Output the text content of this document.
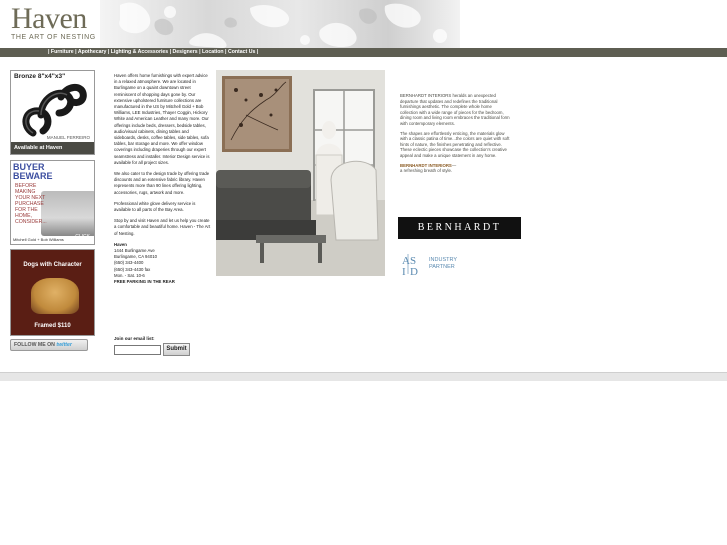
Haven
THE ART OF NESTING
| Furniture | Apothecary | Lighting & Accessories | Designers | Location | Contact Us |
Bronze 8"x4"x3"
MANUEL FERREIRO
Available at Haven
BUYER
BEWARE
BEFORE
MAKING
YOUR NEXT
PURCHASE
FOR THE
HOME,
CONSIDER...
Mitchell Gold + Bob Williams CLICK
Dogs with Character
Framed $110
FOLLOW ME ON twitter

Haven offers home furnishings with expert advice in a relaxed atmosphere. We are located in Burlingame on a quaint downtown street reminiscent of shopping days gone by. Our extensive upholstered furniture collections are manufactured in the US by Mitchell Gold + Bob Williams, LEE Industries, Thayer Coggin, Hickory White and American Leather and many more. Our offerings include beds, dressers, bedside tables, audio/visual cabinets, dining tables and sideboards, desks, coffee tables, side tables, sofa tables, bar storage and more. We offer window coverings including draperies through our expert seamstress and installer. Interior Design service is available for all project sizes.

We also cater to the design trade by offering trade discounts and an extensive fabric library. Haven represents more than 90 lines offering lighting, accessories, rugs, artwork and more.

Professional white glove delivery service is available to all parts of the Bay Area.

Stop by and visit Haven and let us help you create a comfortable and beautiful home. Haven - The Art of Nesting.

Haven
1444 Burlingame Ave
Burlingame, CA 94010
(650) 343-4400
(650) 343-4430 fax
Mon. - Sat. 10-6
FREE PARKING IN THE REAR
Join our email list:
Submit

BERNHARDT INTERIORS heralds an unexpected departure that updates and redefines the traditional furnishings aesthetic. The complete whole home collection with a wide range of pieces for the bedroom, dining room and living room embraces the traditional form with contemporary elements.

The shapes are effortlessly enticing, the materials glow with a classic patina of time...the colors are quiet with soft hints of nature, the finishes penetrating and reflective. These eclectic pieces showcase the collection's creative appeal and make a unique statement in any home.

BERNHARDT INTERIORS—
a refreshing breath of style.

BERNHARDT
A S
I D
INDUSTRY
PARTNER
